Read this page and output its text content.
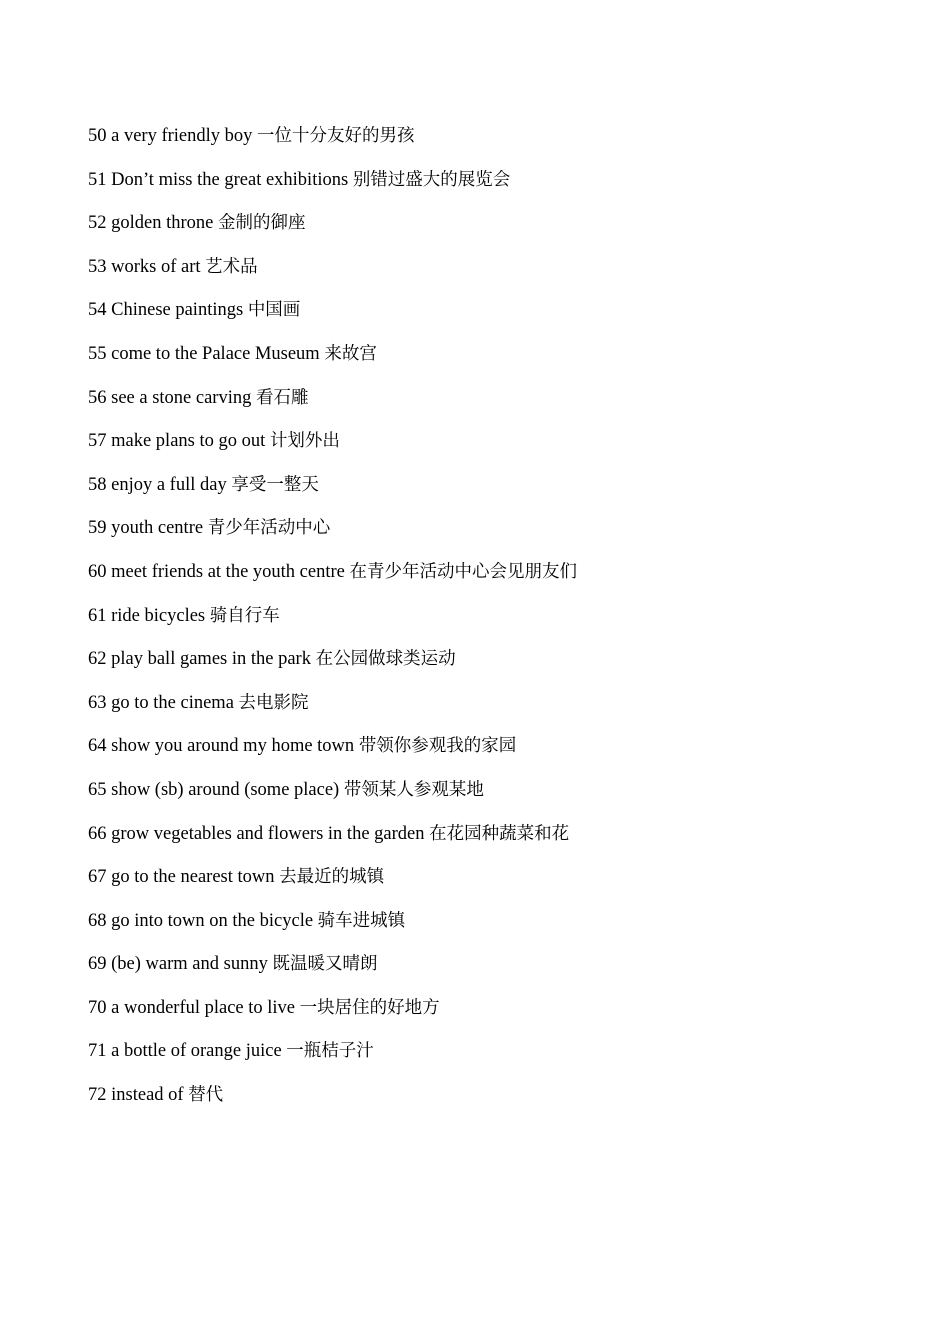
50 a very friendly boy 一位十分友好的男孩
51 Don’t miss the great exhibitions 别错过盛大的展览会
52 golden throne 金制的御座
53 works of art 艺术品
54 Chinese paintings 中国画
55 come to the Palace Museum 来故宫
56 see a stone carving 看石雕
57 make plans to go out 计划外出
58 enjoy a full day 享受一整天
59 youth centre 青少年活动中心
60 meet friends at the youth centre 在青少年活动中心会见朋友们
61 ride bicycles 骑自行车
62 play ball games in the park 在公园做球类运动
63 go to the cinema 去电影院
64 show you around my home town 带领你参观我的家园
65 show (sb) around (some place) 带领某人参观某地
66 grow vegetables and flowers in the garden 在花园种蔬菜和花
67 go to the nearest town 去最近的城镇
68 go into town on the bicycle 骑车进城镇
69 (be) warm and sunny 既温暖又晴朗
70 a wonderful place to live 一块居住的好地方
71 a bottle of orange juice 一瓶桔子汁
72 instead of 替代
